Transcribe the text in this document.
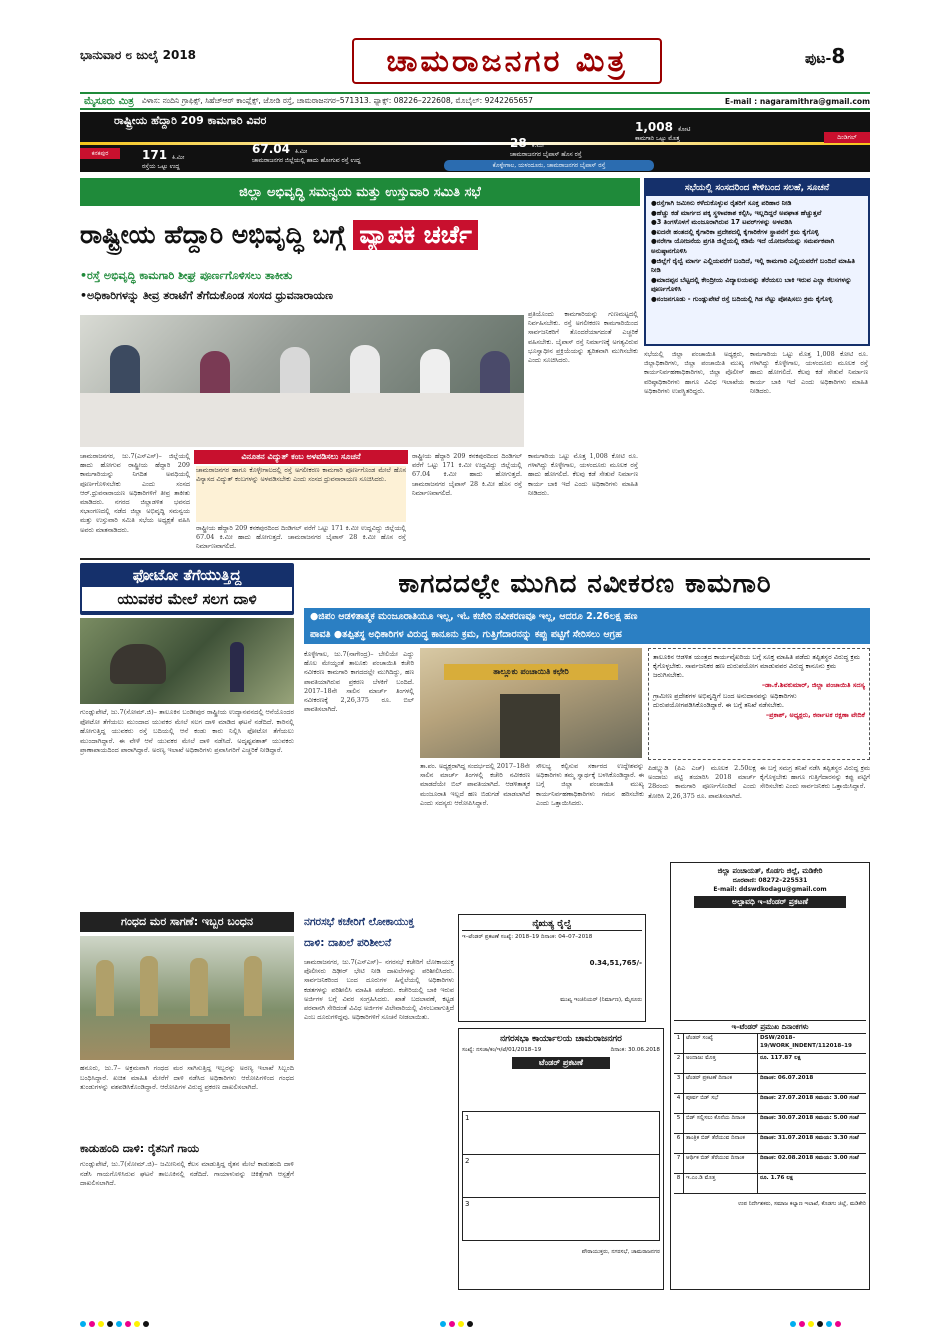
ಭಾನುವಾರ ೮ ಜುಲೈ 2018	ಚಾಮರಾಜನಗರ ಮಿತ್ರ	ಪುಟ-8
ಮೈಸೂರು ಮಿತ್ರ ವಿಳಾಸ: ನಂದಿನಿ ಗ್ರಾಫಿಕ್ಸ್, ಸಿಹೆಚ್‌ಆರ್ ಕಾಂಪ್ಲೆಕ್ಸ್, ಜೋಡಿ ರಸ್ತೆ, ಚಾಮರಾಜನಗರ–571313. ಫ್ಯಾಕ್ಸ್: 08226–222608, ಮೊಬೈಲ್: 9242265657	E-mail : nagaramithra@gmail.com
ರಾಷ್ಟ್ರೀಯ ಹೆದ್ದಾರಿ 209 ಕಾಮಗಾರಿ ವಿವರ
ಕನಕಪುರ
ದಿಂಡಿಗಲ್
171 ಕಿ.ಮೀ
ರಸ್ತೆಯ ಒಟ್ಟು ಉದ್ದ
67.04 ಕಿ.ಮೀ
ಚಾಮರಾಜನಗರ ಜಿಲ್ಲೆಯಲ್ಲಿ ಹಾದು ಹೋಗುವ ರಸ್ತೆ ಉದ್ದ
28 ಕಿ.ಮೀ
ಚಾಮರಾಜನಗರ ಬೈಪಾಸ್ ಹೊಸ ರಸ್ತೆ
1,008 ಕೋಟಿ
ಕಾಮಗಾರಿ ಒಟ್ಟು ಮೊತ್ತ
ಕೊಳ್ಳೇಗಾಲ, ಯಳಂದೂರು, ಚಾಮರಾಜನಗರ ಬೈಪಾಸ್ ರಸ್ತೆ
ಜಿಲ್ಲಾ ಅಭಿವೃದ್ಧಿ ಸಮನ್ವಯ ಮತ್ತು ಉಸ್ತುವಾರಿ ಸಮಿತಿ ಸಭೆ
ರಾಷ್ಟ್ರೀಯ ಹೆದ್ದಾರಿ ಅಭಿವೃದ್ಧಿ ಬಗ್ಗೆ ವ್ಯಾಪಕ ಚರ್ಚೆ
•ರಸ್ತೆ ಅಭಿವೃದ್ಧಿ ಕಾಮಗಾರಿ ಶೀಘ್ರ ಪೂರ್ಣಗೊಳಿಸಲು ತಾಕೀತು
•ಅಧಿಕಾರಿಗಳನ್ನು ತೀವ್ರ ತರಾಟೆಗೆ ತೆಗೆದುಕೊಂಡ ಸಂಸದ ಧ್ರುವನಾರಾಯಣ
ಪ್ರತಿಯೊಂದು ಕಾಮಗಾರಿಯನ್ನು ಗುಣಮಟ್ಟದಲ್ಲಿ ನಿರ್ವಹಿಸಬೇಕು. ರಸ್ತೆ ಅಗಲೀಕರಣ ಕಾಮಗಾರಿಯಿಂದ ಸಾರ್ವಜನಿಕರಿಗೆ ತೊಂದರೆಯಾಗದಂತೆ ಎಚ್ಚರಿಕೆ ವಹಿಸಬೇಕು. ಬೈಪಾಸ್ ರಸ್ತೆ ನಿರ್ಮಾಣಕ್ಕೆ ಅಗತ್ಯವಿರುವ ಭೂಸ್ವಾಧೀನ ಪ್ರಕ್ರಿಯೆಯನ್ನು ತ್ವರಿತವಾಗಿ ಮುಗಿಸಬೇಕು ಎಂದು ಸೂಚಿಸಿದರು.
ಚಾಮರಾಜನಗರ, ಜು.7(ಎಸ್‌ಎಸ್)– ಜಿಲ್ಲೆಯಲ್ಲಿ ಹಾದು ಹೋಗುವ ರಾಷ್ಟ್ರೀಯ ಹೆದ್ದಾರಿ 209 ಕಾಮಗಾರಿಯನ್ನು ನಿಗದಿತ ಅವಧಿಯಲ್ಲಿ ಪೂರ್ಣಗೊಳಿಸಬೇಕು ಎಂದು ಸಂಸದ ಆರ್.ಧ್ರುವನಾರಾಯಣ ಅಧಿಕಾರಿಗಳಿಗೆ ತೀವ್ರ ತಾಕೀತು ಮಾಡಿದರು. ನಗರದ ಜಿಲ್ಲಾಡಳಿತ ಭವನದ ಸಭಾಂಗಣದಲ್ಲಿ ನಡೆದ ಜಿಲ್ಲಾ ಅಭಿವೃದ್ಧಿ ಸಮನ್ವಯ ಮತ್ತು ಉಸ್ತುವಾರಿ ಸಮಿತಿ ಸಭೆಯ ಅಧ್ಯಕ್ಷತೆ ವಹಿಸಿ ಅವರು ಮಾತನಾಡಿದರು.
ವಿನೂತನ ವಿದ್ಯುತ್ ಕಂಬ ಅಳವಡಿಸಲು ಸೂಚನೆ
ಚಾಮರಾಜನಗರ ಹಾಗೂ ಕೊಳ್ಳೇಗಾಲದಲ್ಲಿ ರಸ್ತೆ ಅಗಲೀಕರಣ ಕಾಮಗಾರಿ ಪೂರ್ಣಗೊಂಡ ಮೇಲೆ ಹೊಸ ವಿನ್ಯಾಸದ ವಿದ್ಯುತ್ ಕಂಬಗಳನ್ನು ಅಳವಡಿಸಬೇಕು ಎಂದು ಸಂಸದ ಧ್ರುವನಾರಾಯಣ ಸೂಚಿಸಿದರು.
ರಾಷ್ಟ್ರೀಯ ಹೆದ್ದಾರಿ 209 ಕನಕಪುರದಿಂದ ದಿಂಡಿಗಲ್ ವರೆಗೆ ಒಟ್ಟು 171 ಕಿ.ಮೀ ಉದ್ದವಿದ್ದು ಜಿಲ್ಲೆಯಲ್ಲಿ 67.04 ಕಿ.ಮೀ ಹಾದು ಹೋಗುತ್ತದೆ. ಚಾಮರಾಜನಗರ ಬೈಪಾಸ್ 28 ಕಿ.ಮೀ ಹೊಸ ರಸ್ತೆ ನಿರ್ಮಾಣವಾಗಲಿದೆ.
ರಾಷ್ಟ್ರೀಯ ಹೆದ್ದಾರಿ 209 ಕನಕಪುರದಿಂದ ದಿಂಡಿಗಲ್ ವರೆಗೆ ಒಟ್ಟು 171 ಕಿ.ಮೀ ಉದ್ದವಿದ್ದು ಜಿಲ್ಲೆಯಲ್ಲಿ 67.04 ಕಿ.ಮೀ ಹಾದು ಹೋಗುತ್ತದೆ. ಚಾಮರಾಜನಗರ ಬೈಪಾಸ್ 28 ಕಿ.ಮೀ ಹೊಸ ರಸ್ತೆ ನಿರ್ಮಾಣವಾಗಲಿದೆ.
ಕಾಮಗಾರಿಯ ಒಟ್ಟು ಮೊತ್ತ 1,008 ಕೋಟಿ ರೂ. ಗಳಾಗಿದ್ದು ಕೊಳ್ಳೇಗಾಲ, ಯಳಂದೂರು ಮೂಲಕ ರಸ್ತೆ ಹಾದು ಹೋಗಲಿದೆ. ಕೆಲವು ಕಡೆ ಸೇತುವೆ ನಿರ್ಮಾಣ ಕಾರ್ಯ ಬಾಕಿ ಇದೆ ಎಂದು ಅಧಿಕಾರಿಗಳು ಮಾಹಿತಿ ನೀಡಿದರು.
ಸಭೆಯಲ್ಲಿ ಜಿಲ್ಲಾ ಪಂಚಾಯಿತಿ ಅಧ್ಯಕ್ಷರು, ಜಿಲ್ಲಾಧಿಕಾರಿಗಳು, ಜಿಲ್ಲಾ ಪಂಚಾಯಿತಿ ಮುಖ್ಯ ಕಾರ್ಯನಿರ್ವಹಣಾಧಿಕಾರಿಗಳು, ಜಿಲ್ಲಾ ಪೊಲೀಸ್ ವರಿಷ್ಠಾಧಿಕಾರಿಗಳು ಹಾಗೂ ವಿವಿಧ ಇಲಾಖೆಯ ಅಧಿಕಾರಿಗಳು ಉಪಸ್ಥಿತರಿದ್ದರು.
ಕಾಮಗಾರಿಯ ಒಟ್ಟು ಮೊತ್ತ 1,008 ಕೋಟಿ ರೂ. ಗಳಾಗಿದ್ದು ಕೊಳ್ಳೇಗಾಲ, ಯಳಂದೂರು ಮೂಲಕ ರಸ್ತೆ ಹಾದು ಹೋಗಲಿದೆ. ಕೆಲವು ಕಡೆ ಸೇತುವೆ ನಿರ್ಮಾಣ ಕಾರ್ಯ ಬಾಕಿ ಇದೆ ಎಂದು ಅಧಿಕಾರಿಗಳು ಮಾಹಿತಿ ನೀಡಿದರು.
ಸಭೆಯಲ್ಲಿ ಸಂಸದರಿಂದ ಕೇಳಿಬಂದ ಸಲಹೆ, ಸೂಚನೆ
●ರಸ್ತೆಗಾಗಿ ಜಮೀನು ಕಳೆದುಕೊಳ್ಳುವ ರೈತರಿಗೆ ಸೂಕ್ತ ಪರಿಹಾರ ನೀಡಿ
●ಹೆಚ್ಚು ಕಡೆ ಮಾರ್ಗದ ಪಕ್ಕ ಸ್ಥಳಾವಕಾಶ ಕಲ್ಪಿಸಿ, ಇಲ್ಲದಿದ್ದರೆ ಅಪಘಾತ ಹೆಚ್ಚುತ್ತವೆ
●3 ತಿಂಗಳೊಳಗೆ ಮಂಜೂರಾಗಿರುವ 17 ಟವರ್‌ಗಳನ್ನು ಅಳವಡಿಸಿ
●ಐದನೇ ಹಂತದಲ್ಲಿ ಕೈಗಾರಿಕಾ ಪ್ರದೇಶದಲ್ಲಿ ಕೈಗಾರಿಕೆಗಳ ಸ್ಥಾಪನೆಗೆ ಕ್ರಮ ಕೈಗೊಳ್ಳಿ
●ನರೇಗಾ ಯೋಜನೆಯ ಪ್ರಗತಿ ಜಿಲ್ಲೆಯಲ್ಲಿ ಕಡಿಮೆ ಇದೆ ಯೋಜನೆಯನ್ನು ಸಮರ್ಪಕವಾಗಿ ಅನುಷ್ಠಾನಗೊಳಿಸಿ
●ಜಿಲ್ಲೆಗೆ ರೈಲ್ವೆ ಮಾರ್ಗ ಎಲ್ಲಿಯವರೆಗೆ ಬಂದಿದೆ, ಇಲ್ಲಿ ಕಾಮಗಾರಿ ಎಲ್ಲಿಯವರೆಗೆ ಬಂದಿದೆ ಮಾಹಿತಿ ನೀಡಿ
●ಮಾದಪ್ಪನ ಬೆಟ್ಟದಲ್ಲಿ ಕೇಂದ್ರೀಯ ವಿದ್ಯಾಲಯವನ್ನು ತೆರೆಯಲು ಬಾಕಿ ಇರುವ ಎಲ್ಲಾ ಕೆಲಸಗಳನ್ನು ಪೂರ್ಣಗೊಳಿಸಿ
●ನಂಜನಗೂಡು - ಗುಂಡ್ಲುಪೇಟೆ ರಸ್ತೆ ಬದಿಯಲ್ಲಿ ಗಿಡ ನೆಟ್ಟು ಪೋಷಿಸಲು ಕ್ರಮ ಕೈಗೊಳ್ಳಿ
ಫೋಟೋ ತೆಗೆಯುತ್ತಿದ್ದ
ಯುವಕರ ಮೇಲೆ ಸಲಗ ದಾಳಿ
ಗುಂಡ್ಲುಪೇಟೆ, ಜು.7(ಸೋಮ್.ಜಿ)– ತಾಲೂಕಿನ ಬಂಡೀಪುರ ರಾಷ್ಟ್ರೀಯ ಉದ್ಯಾನವನದಲ್ಲಿ ಆನೆಯೊಂದರ ಫೋಟೋ ತೆಗೆಯಲು ಮುಂದಾದ ಯುವಕರ ಮೇಲೆ ಸಲಗ ದಾಳಿ ಮಾಡಿದ ಘಟನೆ ನಡೆದಿದೆ. ಕಾರಿನಲ್ಲಿ ಹೋಗುತ್ತಿದ್ದ ಯುವಕರು ರಸ್ತೆ ಬದಿಯಲ್ಲಿ ಆನೆ ಕಂಡು ಕಾರು ನಿಲ್ಲಿಸಿ ಫೋಟೋ ತೆಗೆಯಲು ಮುಂದಾಗಿದ್ದಾರೆ. ಈ ವೇಳೆ ಆನೆ ಯುವಕರ ಮೇಲೆ ದಾಳಿ ನಡೆಸಿದೆ. ಅದೃಷ್ಟವಶಾತ್ ಯುವಕರು ಪ್ರಾಣಾಪಾಯದಿಂದ ಪಾರಾಗಿದ್ದಾರೆ. ಅರಣ್ಯ ಇಲಾಖೆ ಅಧಿಕಾರಿಗಳು ಪ್ರವಾಸಿಗರಿಗೆ ಎಚ್ಚರಿಕೆ ನೀಡಿದ್ದಾರೆ.
ಕಾಗದದಲ್ಲೇ ಮುಗಿದ ನವೀಕರಣ ಕಾಮಗಾರಿ
●ಜಿಪಂ ಆಡಳಿತಾತ್ಮಕ ಮಂಜೂರಾತಿಯೂ ಇಲ್ಲ, ಇಓ ಕಚೇರಿ ನವೀಕರಣವೂ ಇಲ್ಲ, ಆದರೂ 2.26ಲಕ್ಷ ಹಣ
ಪಾವತಿ ●ತಪ್ಪಿತಸ್ಥ ಅಧಿಕಾರಿಗಳ ವಿರುದ್ಧ ಕಾನೂನು ಕ್ರಮ, ಗುತ್ತಿಗೆದಾರನನ್ನು ಕಪ್ಪು ಪಟ್ಟಿಗೆ ಸೇರಿಸಲು ಆಗ್ರಹ
ಕೊಳ್ಳೇಗಾಲ, ಜು.7(ನಾಗೇಂದ್ರ)– ಬೇಲಿಯೇ ಎದ್ದು ಹೊಲ ಮೇಯ್ದಂತೆ ತಾಲೂಕು ಪಂಚಾಯಿತಿ ಕಚೇರಿ ನವೀಕರಣ ಕಾಮಗಾರಿ ಕಾಗದದಲ್ಲೇ ಮುಗಿದಿದ್ದು, ಹಣ ಪಾವತಿಯಾಗಿರುವ ಪ್ರಕರಣ ಬೆಳಕಿಗೆ ಬಂದಿದೆ. 2017–18ನೇ ಸಾಲಿನ ಮಾರ್ಚ್ ತಿಂಗಳಲ್ಲಿ ನವೀಕರಣಕ್ಕೆ 2,26,375 ರೂ. ಬಿಲ್ ಪಾವತಿಸಲಾಗಿದೆ.
ತಾಲ್ಲೂಕು ಪಂಚಾಯಿತಿ ಕಛೇರಿ
ತಾ.ಪಂ. ಅಧ್ಯಕ್ಷರಾಗಿದ್ದ ಸಂದರ್ಭದಲ್ಲಿ 2017–18ನೇ ಸಾಲಿನ ಮಾರ್ಚ್ ತಿಂಗಳಲ್ಲಿ ಕಚೇರಿ ನವೀಕರಣ ಮಾಡದೆಯೇ ಬಿಲ್ ಪಾವತಿಯಾಗಿದೆ. ಆಡಳಿತಾತ್ಮಕ ಮಂಜೂರಾತಿ ಇಲ್ಲದೆ ಹಣ ಬಿಡುಗಡೆ ಮಾಡಲಾಗಿದೆ ಎಂದು ಸದಸ್ಯರು ಆರೋಪಿಸಿದ್ದಾರೆ.
ಸೌಲಭ್ಯ ಕಲ್ಪಿಸುವ ಸರ್ಕಾರದ ಉದ್ದೇಶವನ್ನು ಅಧಿಕಾರಿಗಳು ತಮ್ಮ ಸ್ವಾರ್ಥಕ್ಕೆ ಬಳಸಿಕೊಂಡಿದ್ದಾರೆ. ಈ ಬಗ್ಗೆ ಜಿಲ್ಲಾ ಪಂಚಾಯಿತಿ ಮುಖ್ಯ ಕಾರ್ಯನಿರ್ವಹಣಾಧಿಕಾರಿಗಳು ಗಮನ ಹರಿಸಬೇಕು ಎಂದು ಒತ್ತಾಯಿಸಿದರು.
ತಾಲೂಕಿನ ಆಡಳಿತ ಯಂತ್ರದ ಕಾರ್ಯವೈಖರಿಯ ಬಗ್ಗೆ ಸೂಕ್ತ ಮಾಹಿತಿ ಪಡೆದು ತಪ್ಪಿತಸ್ಥರ ವಿರುದ್ಧ ಕ್ರಮ ಕೈಗೊಳ್ಳಬೇಕು. ಸಾರ್ವಜನಿಕರ ಹಣ ದುರುಪಯೋಗ ಮಾಡುವವರ ವಿರುದ್ಧ ಕಾನೂನು ಕ್ರಮ ಜರುಗಿಸಬೇಕು.
–ಡಾ.ಕೆ.ಶಿವಕುಮಾರ್, ಜಿಲ್ಲಾ ಪಂಚಾಯಿತಿ ಸದಸ್ಯ
ಗ್ರಾಮೀಣ ಪ್ರದೇಶಗಳ ಅಭಿವೃದ್ಧಿಗೆ ಬಂದ ಅನುದಾನವನ್ನು ಅಧಿಕಾರಿಗಳು ದುರುಪಯೋಗಪಡಿಸಿಕೊಂಡಿದ್ದಾರೆ. ಈ ಬಗ್ಗೆ ತನಿಖೆ ನಡೆಸಬೇಕು.
–ಪ್ರಕಾಶ್, ಅಧ್ಯಕ್ಷರು, ಕರ್ನಾಟಕ ರಕ್ಷಣಾ ವೇದಿಕೆ
ಪಿಡಬ್ಲ್ಯುಡಿ (ಪಿಎ ಎಚ್) ಮೂಲಕ 2.50ಲಕ್ಷ ಅಂದಾಜು ಪಟ್ಟಿ ತಯಾರಿಸಿ 2018 ಮಾರ್ಚ್ 28ರಂದು ಕಾಮಗಾರಿ ಪೂರ್ಣಗೊಂಡಿದೆ ಎಂದು ತೋರಿಸಿ 2,26,375 ರೂ. ಪಾವತಿಸಲಾಗಿದೆ.
ಈ ಬಗ್ಗೆ ಸಮಗ್ರ ತನಿಖೆ ನಡೆಸಿ ತಪ್ಪಿತಸ್ಥರ ವಿರುದ್ಧ ಕ್ರಮ ಕೈಗೊಳ್ಳಬೇಕು ಹಾಗೂ ಗುತ್ತಿಗೆದಾರನನ್ನು ಕಪ್ಪು ಪಟ್ಟಿಗೆ ಸೇರಿಸಬೇಕು ಎಂದು ಸಾರ್ವಜನಿಕರು ಒತ್ತಾಯಿಸಿದ್ದಾರೆ.
ಗಂಧದ ಮರ ಸಾಗಣೆ: ಇಬ್ಬರ ಬಂಧನ
ಹನೂರು, ಜು.7– ಅಕ್ರಮವಾಗಿ ಗಂಧದ ಮರ ಸಾಗಿಸುತ್ತಿದ್ದ ಇಬ್ಬರನ್ನು ಅರಣ್ಯ ಇಲಾಖೆ ಸಿಬ್ಬಂದಿ ಬಂಧಿಸಿದ್ದಾರೆ. ಖಚಿತ ಮಾಹಿತಿ ಮೇರೆಗೆ ದಾಳಿ ನಡೆಸಿದ ಅಧಿಕಾರಿಗಳು ಆರೋಪಿಗಳಿಂದ ಗಂಧದ ತುಂಡುಗಳನ್ನು ವಶಪಡಿಸಿಕೊಂಡಿದ್ದಾರೆ. ಆರೋಪಿಗಳ ವಿರುದ್ಧ ಪ್ರಕರಣ ದಾಖಲಿಸಲಾಗಿದೆ.
ಕಾಡುಹಂದಿ ದಾಳಿ: ರೈತನಿಗೆ ಗಾಯ
ಗುಂಡ್ಲುಪೇಟೆ, ಜು.7(ಸೋಮ್.ಜಿ)– ಜಮೀನಿನಲ್ಲಿ ಕೆಲಸ ಮಾಡುತ್ತಿದ್ದ ರೈತನ ಮೇಲೆ ಕಾಡುಹಂದಿ ದಾಳಿ ನಡೆಸಿ ಗಾಯಗೊಳಿಸಿರುವ ಘಟನೆ ತಾಲೂಕಿನಲ್ಲಿ ನಡೆದಿದೆ. ಗಾಯಾಳುವನ್ನು ಚಿಕಿತ್ಸೆಗಾಗಿ ಆಸ್ಪತ್ರೆಗೆ ದಾಖಲಿಸಲಾಗಿದೆ.
ನಗರಸಭೆ ಕಚೇರಿಗೆ ಲೋಕಾಯುಕ್ತ
ದಾಳಿ: ದಾಖಲೆ ಪರಿಶೀಲನೆ
ಚಾಮರಾಜನಗರ, ಜು.7(ಎಸ್‌ಎಸ್)– ನಗರಸಭೆ ಕಚೇರಿಗೆ ಲೋಕಾಯುಕ್ತ ಪೊಲೀಸರು ದಿಢೀರ್ ಭೇಟಿ ನೀಡಿ ದಾಖಲೆಗಳನ್ನು ಪರಿಶೀಲಿಸಿದರು. ಸಾರ್ವಜನಿಕರಿಂದ ಬಂದ ದೂರುಗಳ ಹಿನ್ನೆಲೆಯಲ್ಲಿ ಅಧಿಕಾರಿಗಳು ಕಡತಗಳನ್ನು ಪರಿಶೀಲಿಸಿ ಮಾಹಿತಿ ಪಡೆದರು. ಕಚೇರಿಯಲ್ಲಿ ಬಾಕಿ ಇರುವ ಅರ್ಜಿಗಳ ಬಗ್ಗೆ ವಿವರ ಸಂಗ್ರಹಿಸಿದರು. ಖಾತೆ ಬದಲಾವಣೆ, ಕಟ್ಟಡ ಪರವಾನಗಿ ಸೇರಿದಂತೆ ವಿವಿಧ ಅರ್ಜಿಗಳ ವಿಲೇವಾರಿಯಲ್ಲಿ ವಿಳಂಬವಾಗುತ್ತಿದೆ ಎಂಬ ದೂರುಗಳಿದ್ದವು. ಅಧಿಕಾರಿಗಳಿಗೆ ಸೂಚನೆ ನೀಡಲಾಯಿತು.
ನೈಋತ್ಯ ರೈಲ್ವೆ
ಇ–ಟೆಂಡರ್ ಪ್ರಕಟಣೆ ಸಂಖ್ಯೆ: 2018–19 ದಿನಾಂಕ: 04–07–2018
0.34,51,765/-
ಮುಖ್ಯ ಇಂಜಿನಿಯರ್ (ನಿರ್ಮಾಣ), ಮೈಸೂರು
ನಗರಸಭಾ ಕಾರ್ಯಾಲಯ ಚಾಮರಾಜನಗರ
ಸಂಖ್ಯೆ: ನಸಚಾ/ಕಂ/ಇ/ಟೆ/01/2018–19	ದಿನಾಂಕ: 30.06.2018
ಟೆಂಡರ್ ಪ್ರಕಟಣೆ
1
2
3
ಪೌರಾಯುಕ್ತರು, ನಗರಸಭೆ, ಚಾಮರಾಜನಗರ
ಜಿಲ್ಲಾ ಪಂಚಾಯತ್, ಕೊಡಗು ಜಿಲ್ಲೆ, ಮಡಿಕೇರಿ
ದೂರವಾಣಿ: 08272–225531
E-mail: ddswdkodagu@gmail.com
ಅಲ್ಪಾವಧಿ ಇ–ಟೆಂಡರ್ ಪ್ರಕಟಣೆ
ಇ–ಟೆಂಡರ್ ಪ್ರಮುಖ ದಿನಾಂಕಗಳು
1	ಟೆಂಡರ್ ಸಂಖ್ಯೆ	DSW/2018–19/WORK_INDENT/112018–19
2	ಅಂದಾಜು ಮೊತ್ತ	ರೂ. 117.87 ಲಕ್ಷ
3	ಟೆಂಡರ್ ಪ್ರಕಟಣೆ ದಿನಾಂಕ	ದಿನಾಂಕ: 06.07.2018
4	ಪೂರ್ವ ಬಿಡ್ ಸಭೆ	ದಿನಾಂಕ: 27.07.2018 ಸಮಯ: 3.00 ಗಂಟೆ
5	ಬಿಡ್ ಸಲ್ಲಿಸಲು ಕೊನೆಯ ದಿನಾಂಕ	ದಿನಾಂಕ: 30.07.2018 ಸಮಯ: 5.00 ಗಂಟೆ
6	ತಾಂತ್ರಿಕ ಬಿಡ್ ತೆರೆಯುವ ದಿನಾಂಕ	ದಿನಾಂಕ: 31.07.2018 ಸಮಯ: 3.30 ಗಂಟೆ
7	ಆರ್ಥಿಕ ಬಿಡ್ ತೆರೆಯುವ ದಿನಾಂಕ	ದಿನಾಂಕ: 02.08.2018 ಸಮಯ: 3.00 ಗಂಟೆ
8	ಇ.ಎಂ.ಡಿ ಮೊತ್ತ	ರೂ. 1.76 ಲಕ್ಷ
ಉಪ ನಿರ್ದೇಶಕರು, ಸಮಾಜ ಕಲ್ಯಾಣ ಇಲಾಖೆ, ಕೊಡಗು ಜಿಲ್ಲೆ, ಮಡಿಕೇರಿ
